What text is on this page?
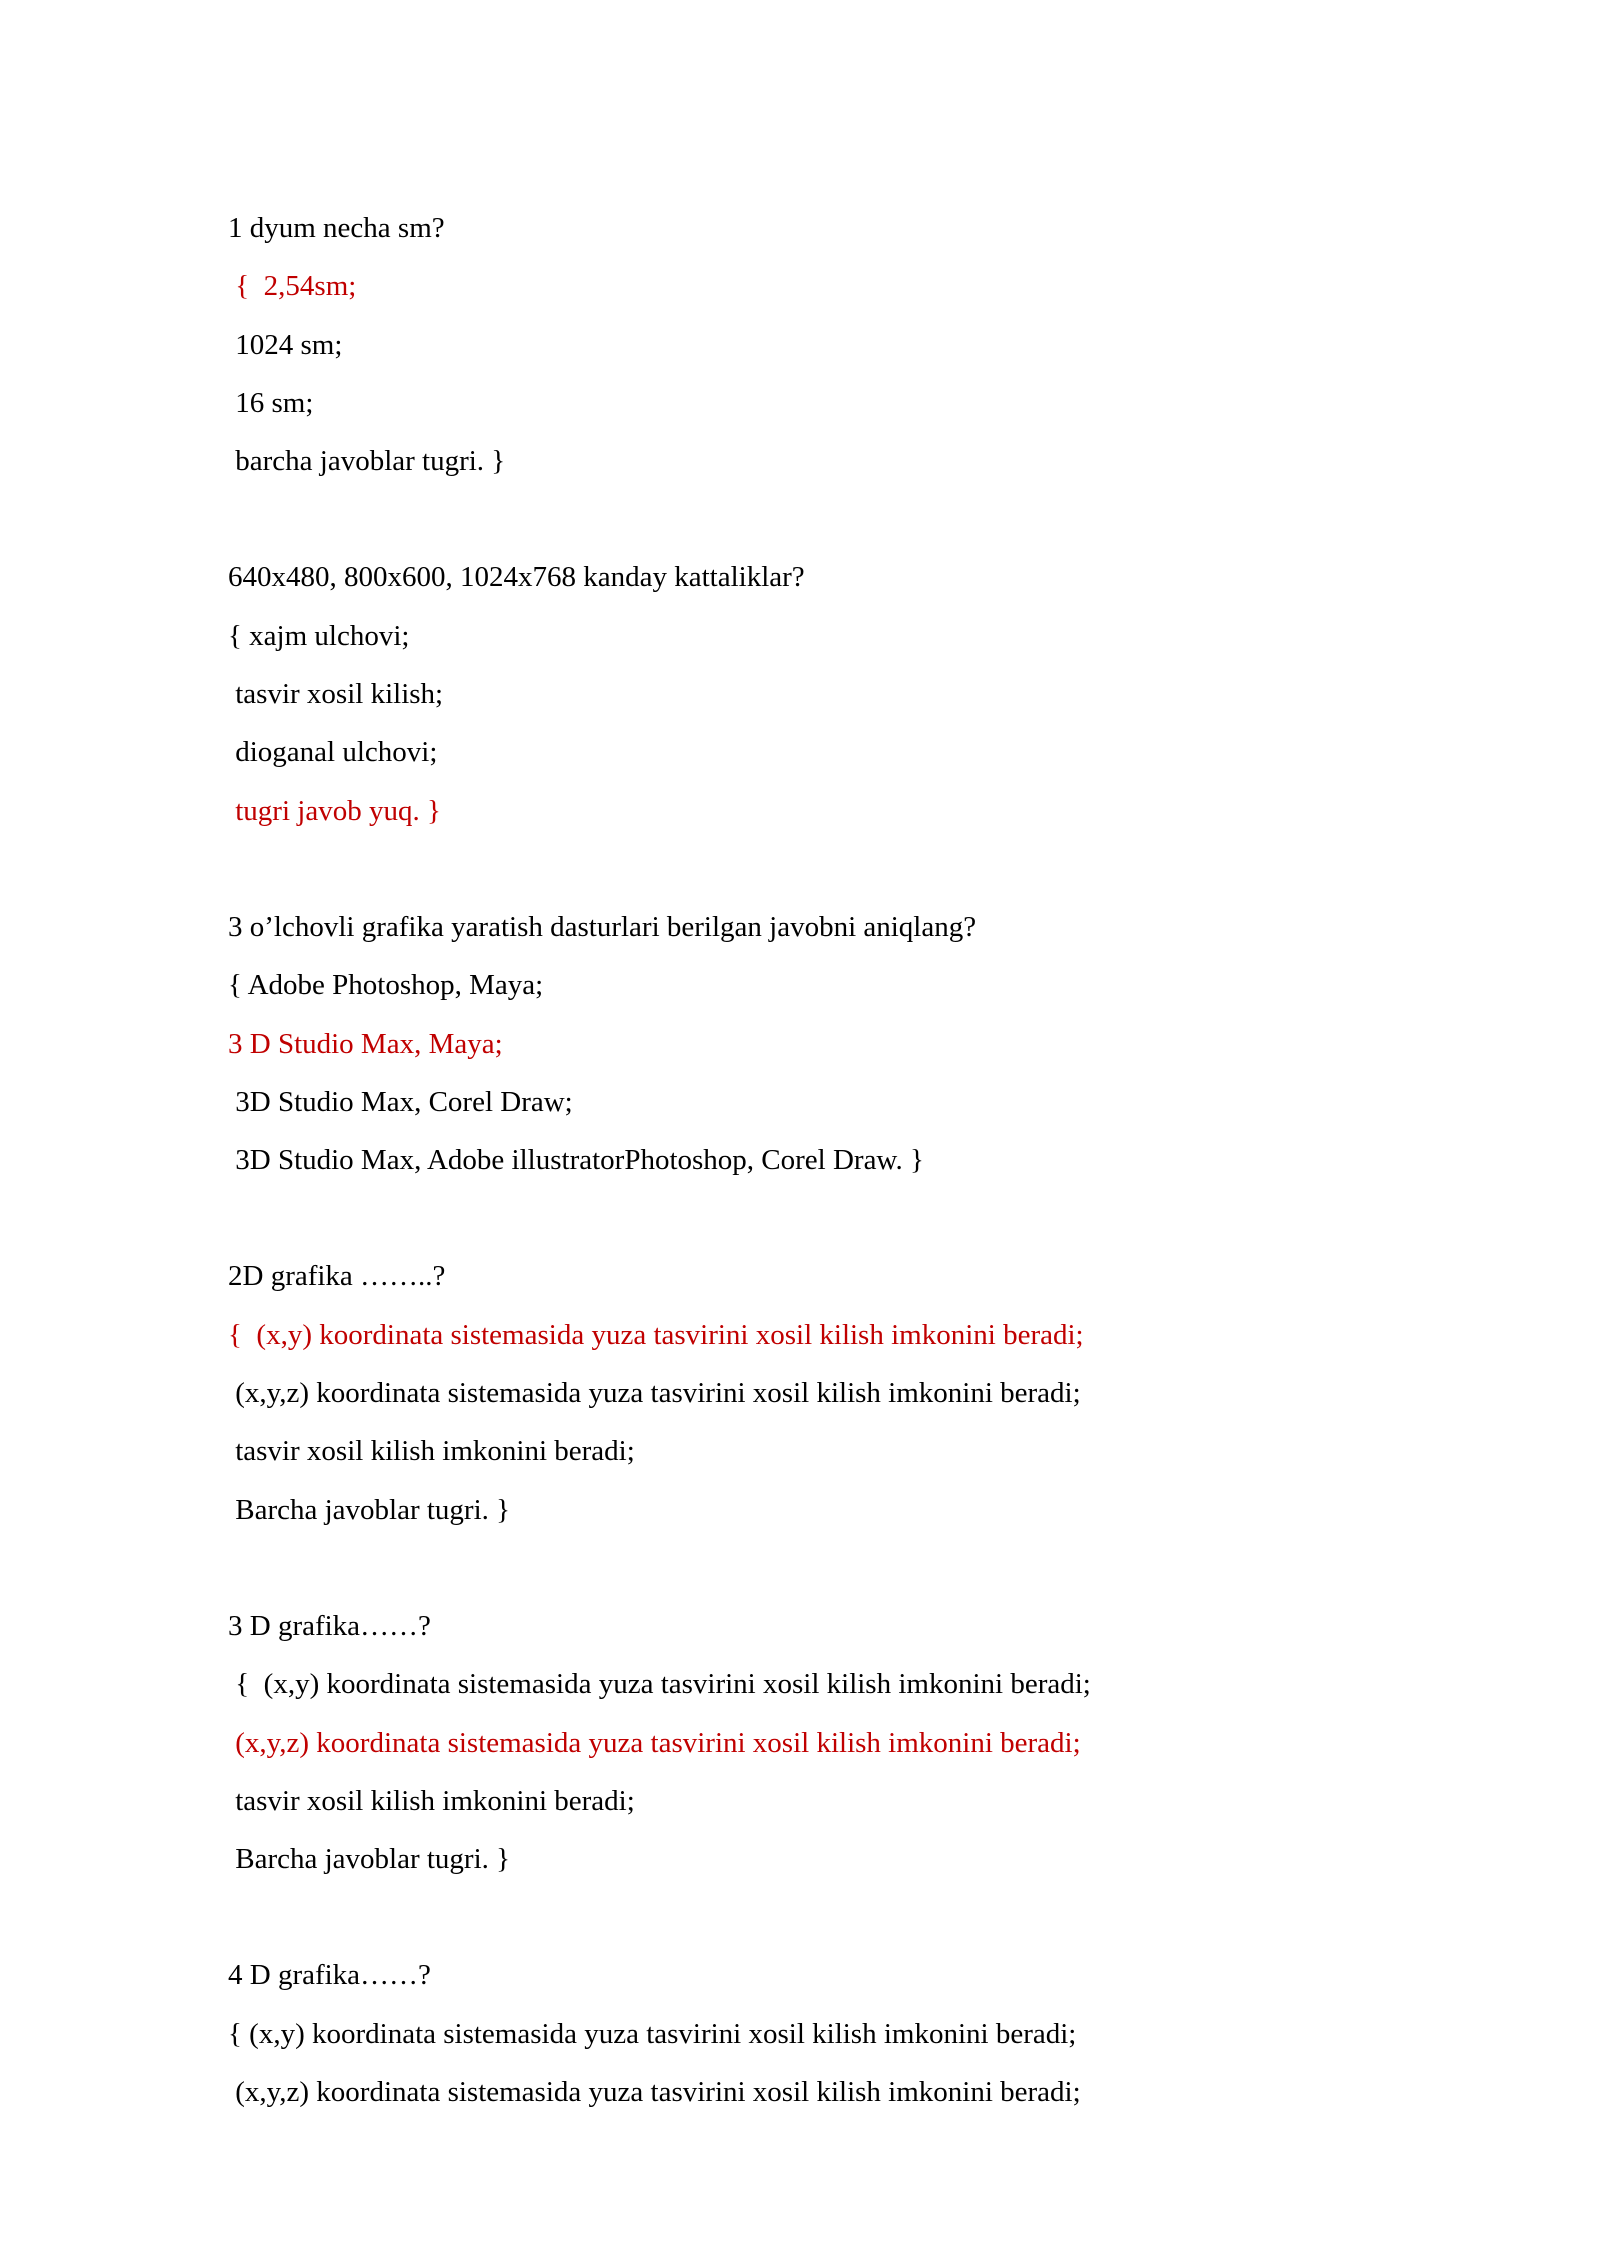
1 dyum necha sm?
{  2,54sm;
1024 sm;
16 sm;
barcha javoblar tugri. }
640x480, 800x600, 1024x768 kanday kattaliklar?
{ xajm ulchovi;
tasvir xosil kilish;
dioganal ulchovi;
tugri javob yuq. }
3 o’lchovli grafika yaratish dasturlari berilgan javobni aniqlang?
{ Adobe Photoshop, Maya;
3 D Studio Max, Maya;
3D Studio Max, Corel Draw;
3D Studio Max, Adobe illustratorPhotoshop, Corel Draw. }
2D grafika ……..?
{  (x,y) koordinata sistemasida yuza tasvirini xosil kilish imkonini beradi;
(x,y,z) koordinata sistemasida yuza tasvirini xosil kilish imkonini beradi;
tasvir xosil kilish imkonini beradi;
Barcha javoblar tugri. }
3 D grafika……?
{  (x,y) koordinata sistemasida yuza tasvirini xosil kilish imkonini beradi;
(x,y,z) koordinata sistemasida yuza tasvirini xosil kilish imkonini beradi;
tasvir xosil kilish imkonini beradi;
Barcha javoblar tugri. }
4 D grafika……?
{ (x,y) koordinata sistemasida yuza tasvirini xosil kilish imkonini beradi;
(x,y,z) koordinata sistemasida yuza tasvirini xosil kilish imkonini beradi;
